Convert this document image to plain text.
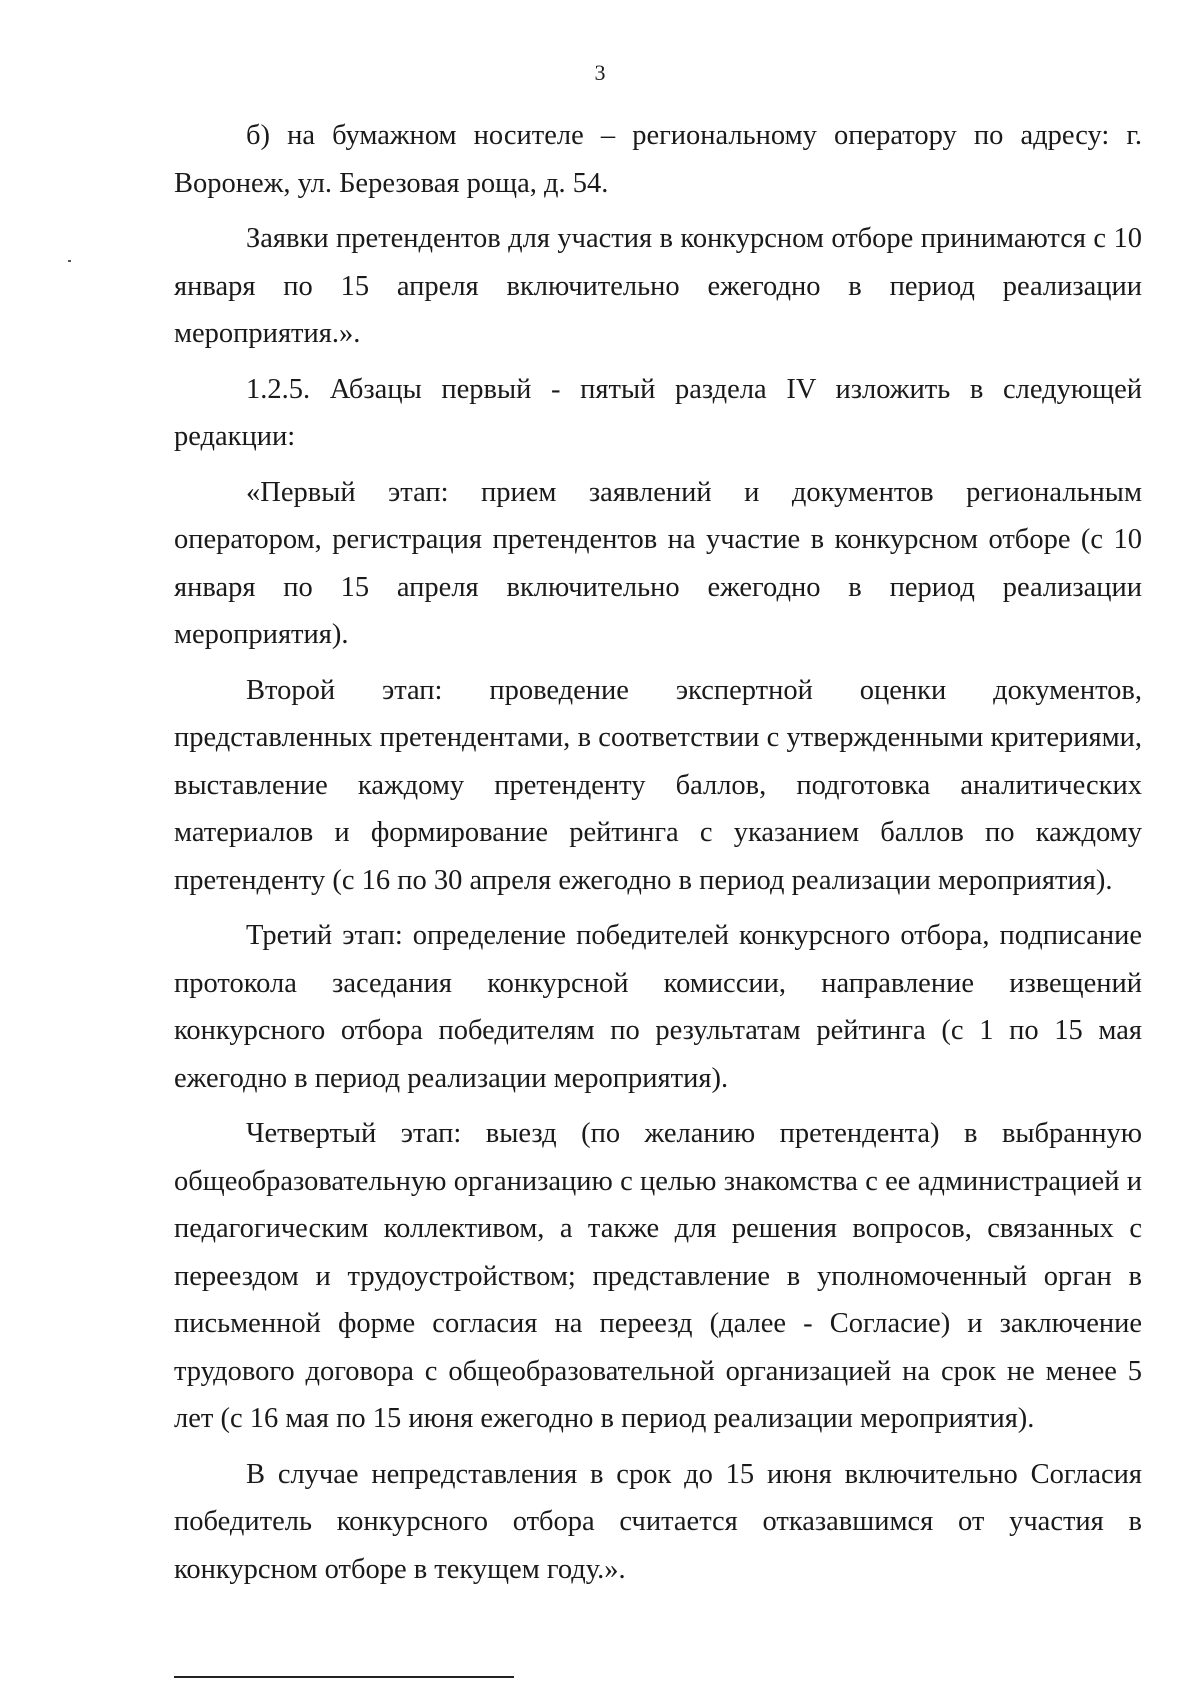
3

б) на бумажном носителе – региональному оператору по адресу: г. Воронеж, ул. Березовая роща, д. 54.

Заявки претендентов для участия в конкурсном отборе принимаются с 10 января по 15 апреля включительно ежегодно в период реализации мероприятия.».

1.2.5. Абзацы первый - пятый раздела IV изложить в следующей редакции:

«Первый этап: прием заявлений и документов региональным оператором, регистрация претендентов на участие в конкурсном отборе (с 10 января по 15 апреля включительно ежегодно в период реализации мероприятия).

Второй этап: проведение экспертной оценки документов, представленных претендентами, в соответствии с утвержденными критериями, выставление каждому претенденту баллов, подготовка аналитических материалов и формирование рейтинга с указанием баллов по каждому претенденту (с 16 по 30 апреля ежегодно в период реализации мероприятия).

Третий этап: определение победителей конкурсного отбора, подписание протокола заседания конкурсной комиссии, направление извещений конкурсного отбора победителям по результатам рейтинга (с 1 по 15 мая ежегодно в период реализации мероприятия).

Четвертый этап: выезд (по желанию претендента) в выбранную общеобразовательную организацию с целью знакомства с ее администрацией и педагогическим коллективом, а также для решения вопросов, связанных с переездом и трудоустройством; представление в уполномоченный орган в письменной форме согласия на переезд (далее - Согласие) и заключение трудового договора с общеобразовательной организацией на срок не менее 5 лет (с 16 мая по 15 июня ежегодно в период реализации мероприятия).

В случае непредставления в срок до 15 июня включительно Согласия победитель конкурсного отбора считается отказавшимся от участия в конкурсном отборе в текущем году.».
